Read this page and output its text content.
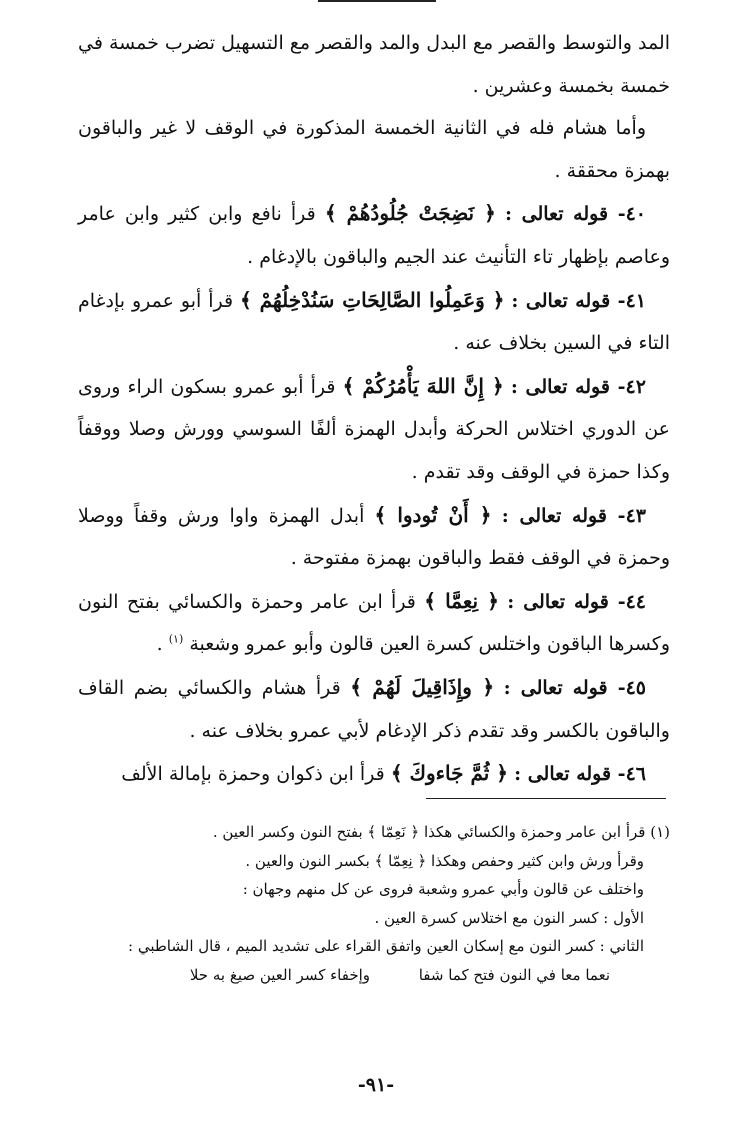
المد والتوسط والقصر مع البدل والمد والقصر مع التسهيل تضرب خمسة في خمسة بخمسة وعشرين .

وأما هشام فله في الثانية الخمسة المذكورة في الوقف لا غير والباقون بهمزة محققة .

٤٠- قوله تعالى : ﴿ نَضِجَتْ جُلُودُهُمْ ﴾ قرأ نافع وابن كثير وابن عامر وعاصم بإظهار تاء التأنيث عند الجيم والباقون بالإدغام .

٤١- قوله تعالى : ﴿ وَعَمِلُوا الصَّالِحَاتِ سَنُدْخِلُهُمْ ﴾ قرأ أبو عمرو بإدغام التاء في السين بخلاف عنه .

٤٢- قوله تعالى : ﴿ إِنَّ اللهَ يَأْمُرُكُمْ ﴾ قرأ أبو عمرو بسكون الراء وروى عن الدوري اختلاس الحركة وأبدل الهمزة ألفًا السوسي وورش وصلا ووقفاً وكذا حمزة في الوقف وقد تقدم .

٤٣- قوله تعالى : ﴿ أَنْ تُودوا ﴾ أبدل الهمزة واوا ورش وقفاً ووصلا وحمزة في الوقف فقط والباقون بهمزة مفتوحة .

٤٤- قوله تعالى : ﴿ نِعِمَّا ﴾ قرأ ابن عامر وحمزة والكسائي بفتح النون وكسرها الباقون واختلس كسرة العين قالون وأبو عمرو وشعبة $^{(١)}$ .

٤٥- قوله تعالى : ﴿ وإِذَاقِيلَ لَهُمْ ﴾ قرأ هشام والكسائي بضم القاف والباقون بالكسر وقد تقدم ذكر الإدغام لأبي عمرو بخلاف عنه .

٤٦- قوله تعالى : ﴿ ثُمَّ جَاءوكَ ﴾ قرأ ابن ذكوان وحمزة بإمالة الألف

(١) قرأ ابن عامر وحمزة والكسائي هكذا ﴿ نَعِمّا ﴾ بفتح النون وكسر العين .

وقرأ ورش وابن كثير وحفص وهكذا ﴿ نِعِمّا ﴾ بكسر النون والعين .

واختلف عن قالون وأبي عمرو وشعبة فروى عن كل منهم وجهان :

الأول : كسر النون مع اختلاس كسرة العين .

الثاني : كسر النون مع إسكان العين واتفق القراء على تشديد الميم ، قال الشاطبي :

نعما معا في النون فتح كما شفا
وإخفاء كسر العين صيغ به حلا
-٩١-
